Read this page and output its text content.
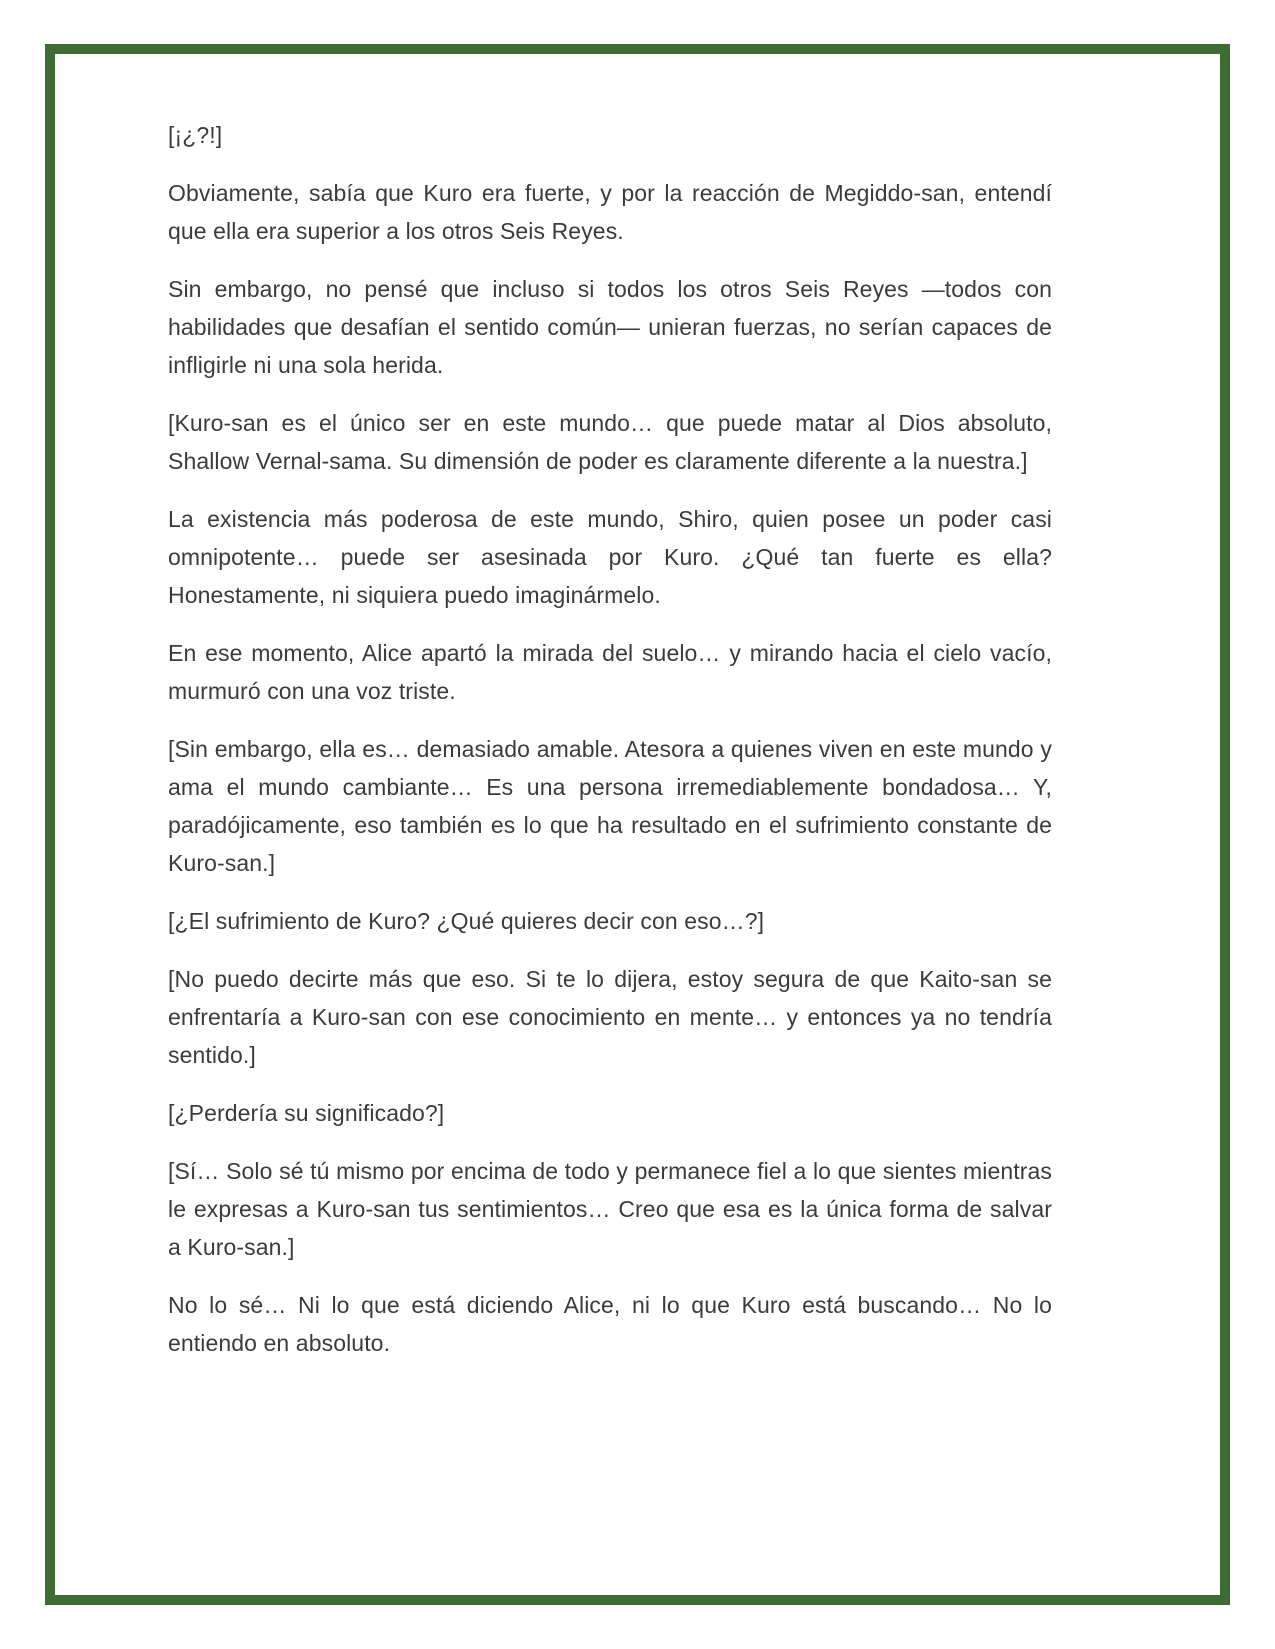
[¡¿?!]

Obviamente, sabía que Kuro era fuerte, y por la reacción de Megiddo-san, entendí que ella era superior a los otros Seis Reyes.

Sin embargo, no pensé que incluso si todos los otros Seis Reyes —todos con habilidades que desafían el sentido común— unieran fuerzas, no serían capaces de infligirle ni una sola herida.

[Kuro-san es el único ser en este mundo… que puede matar al Dios absoluto, Shallow Vernal-sama. Su dimensión de poder es claramente diferente a la nuestra.]

La existencia más poderosa de este mundo, Shiro, quien posee un poder casi omnipotente… puede ser asesinada por Kuro. ¿Qué tan fuerte es ella? Honestamente, ni siquiera puedo imaginármelo.

En ese momento, Alice apartó la mirada del suelo… y mirando hacia el cielo vacío, murmuró con una voz triste.

[Sin embargo, ella es… demasiado amable. Atesora a quienes viven en este mundo y ama el mundo cambiante… Es una persona irremediablemente bondadosa… Y, paradójicamente, eso también es lo que ha resultado en el sufrimiento constante de Kuro-san.]

[¿El sufrimiento de Kuro? ¿Qué quieres decir con eso…?]

[No puedo decirte más que eso. Si te lo dijera, estoy segura de que Kaito-san se enfrentaría a Kuro-san con ese conocimiento en mente… y entonces ya no tendría sentido.]

[¿Perdería su significado?]

[Sí… Solo sé tú mismo por encima de todo y permanece fiel a lo que sientes mientras le expresas a Kuro-san tus sentimientos… Creo que esa es la única forma de salvar a Kuro-san.]

No lo sé… Ni lo que está diciendo Alice, ni lo que Kuro está buscando… No lo entiendo en absoluto.
